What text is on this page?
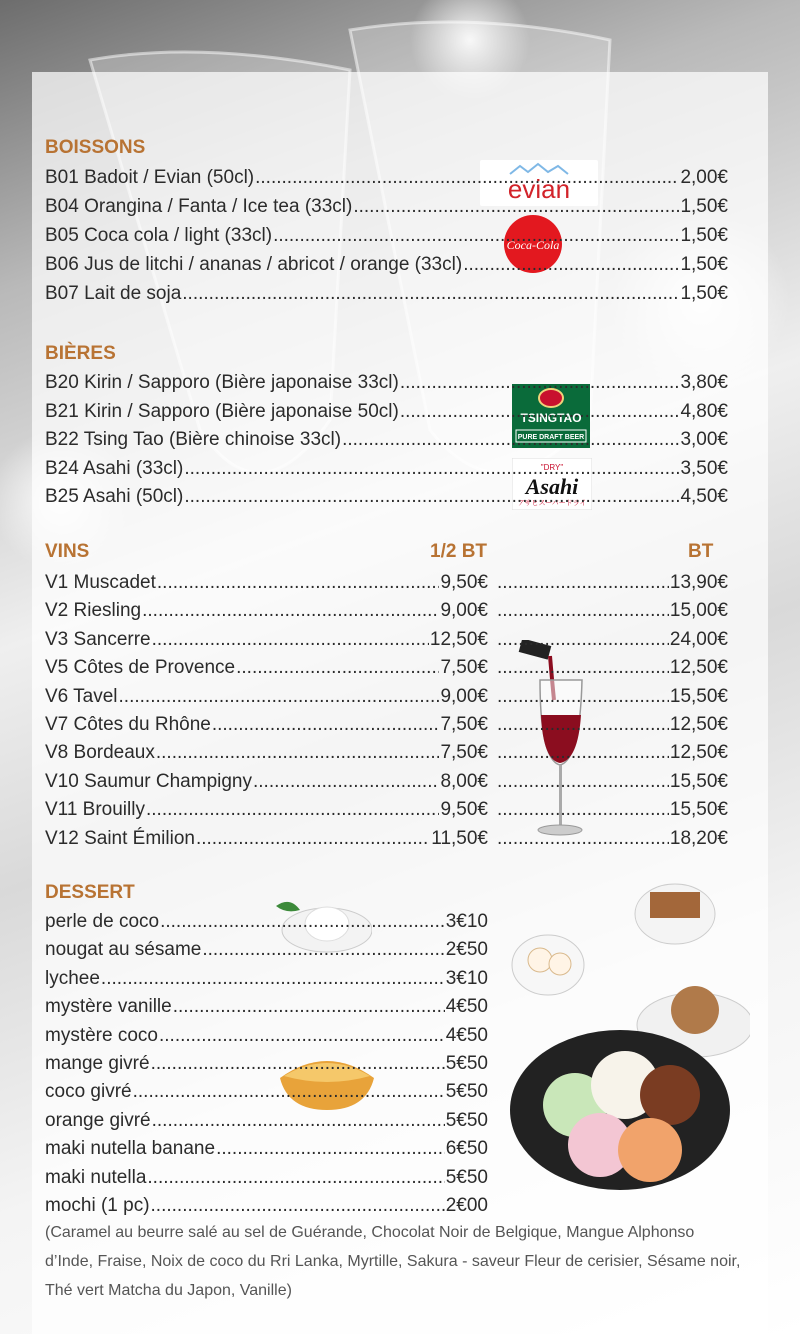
BOISSONS
BIÈRES
VINS	1/2 BT	BT
DESSERT
(Caramel au beurre salé au sel de Guérande, Chocolat Noir de Belgique, Mangue Alphonso d’Inde, Fraise, Noix de coco du Rri Lanka, Myrtille, Sakura - saveur Fleur de cerisier, Sésame noir, Thé vert Matcha du Japon, Vanille)
evian
Coca-Cola
TSINGTAO
PURE DRAFT BEER
"DRY"
Asahi
アサヒスーパードライ
B01 Badoit / Evian (50cl) .....	2,00€
B04 Orangina / Fanta / Ice tea (33cl) .....	1,50€
B05 Coca cola / light (33cl) .....	1,50€
B06 Jus de litchi / ananas / abricot / orange (33cl) .....	1,50€
B07 Lait de soja .....	1,50€
B20 Kirin / Sapporo (Bière japonaise 33cl) .....	3,80€
B21 Kirin / Sapporo (Bière japonaise 50cl) .....	4,80€
B22 Tsing Tao (Bière chinoise 33cl) .....	3,00€
B24 Asahi (33cl) .....	3,50€
B25 Asahi (50cl) .....	4,50€
V1 Muscadet .....	9,50€ .....	13,90€
V2 Riesling .....	9,00€ .....	15,00€
V3 Sancerre .....	12,50€ .....	24,00€
V5 Côtes de Provence .....	7,50€ .....	12,50€
V6 Tavel .....	9,00€ .....	15,50€
V7 Côtes du Rhône .....	7,50€ .....	12,50€
V8 Bordeaux .....	7,50€ .....	12,50€
V10 Saumur Champigny .....	8,00€ .....	15,50€
V11 Brouilly .....	9,50€ .....	15,50€
V12 Saint Émilion .....	11,50€ .....	18,20€
perle de coco .....	3€10
nougat au sésame .....	2€50
lychee .....	3€10
mystère vanille .....	4€50
mystère coco .....	4€50
mange givré .....	5€50
coco givré .....	5€50
orange givré .....	5€50
maki nutella banane .....	6€50
maki nutella .....	5€50
mochi (1 pc) .....	2€00
